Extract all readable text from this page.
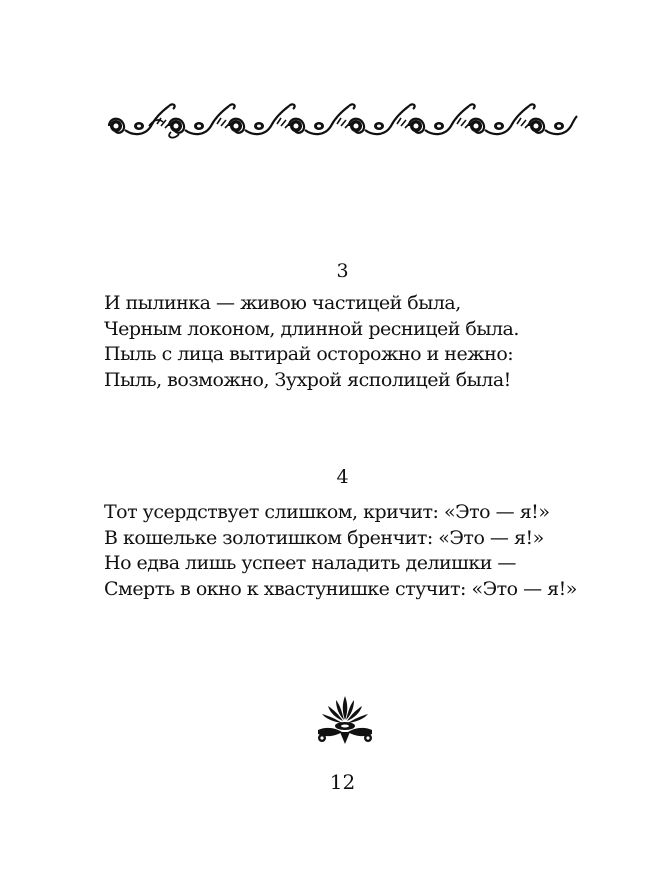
3
И пылинка — живою частицей была,
Черным локоном, длинной ресницей была.
Пыль с лица вытирай осторожно и нежно:
Пыль, возможно, Зухрой ясполицей была!
4
Тот усердствует слишком, кричит: «Это — я!»
В кошельке золотишком бренчит: «Это — я!»
Но едва лишь успеет наладить делишки —
Смерть в окно к хвастунишке стучит: «Это — я!»
12
